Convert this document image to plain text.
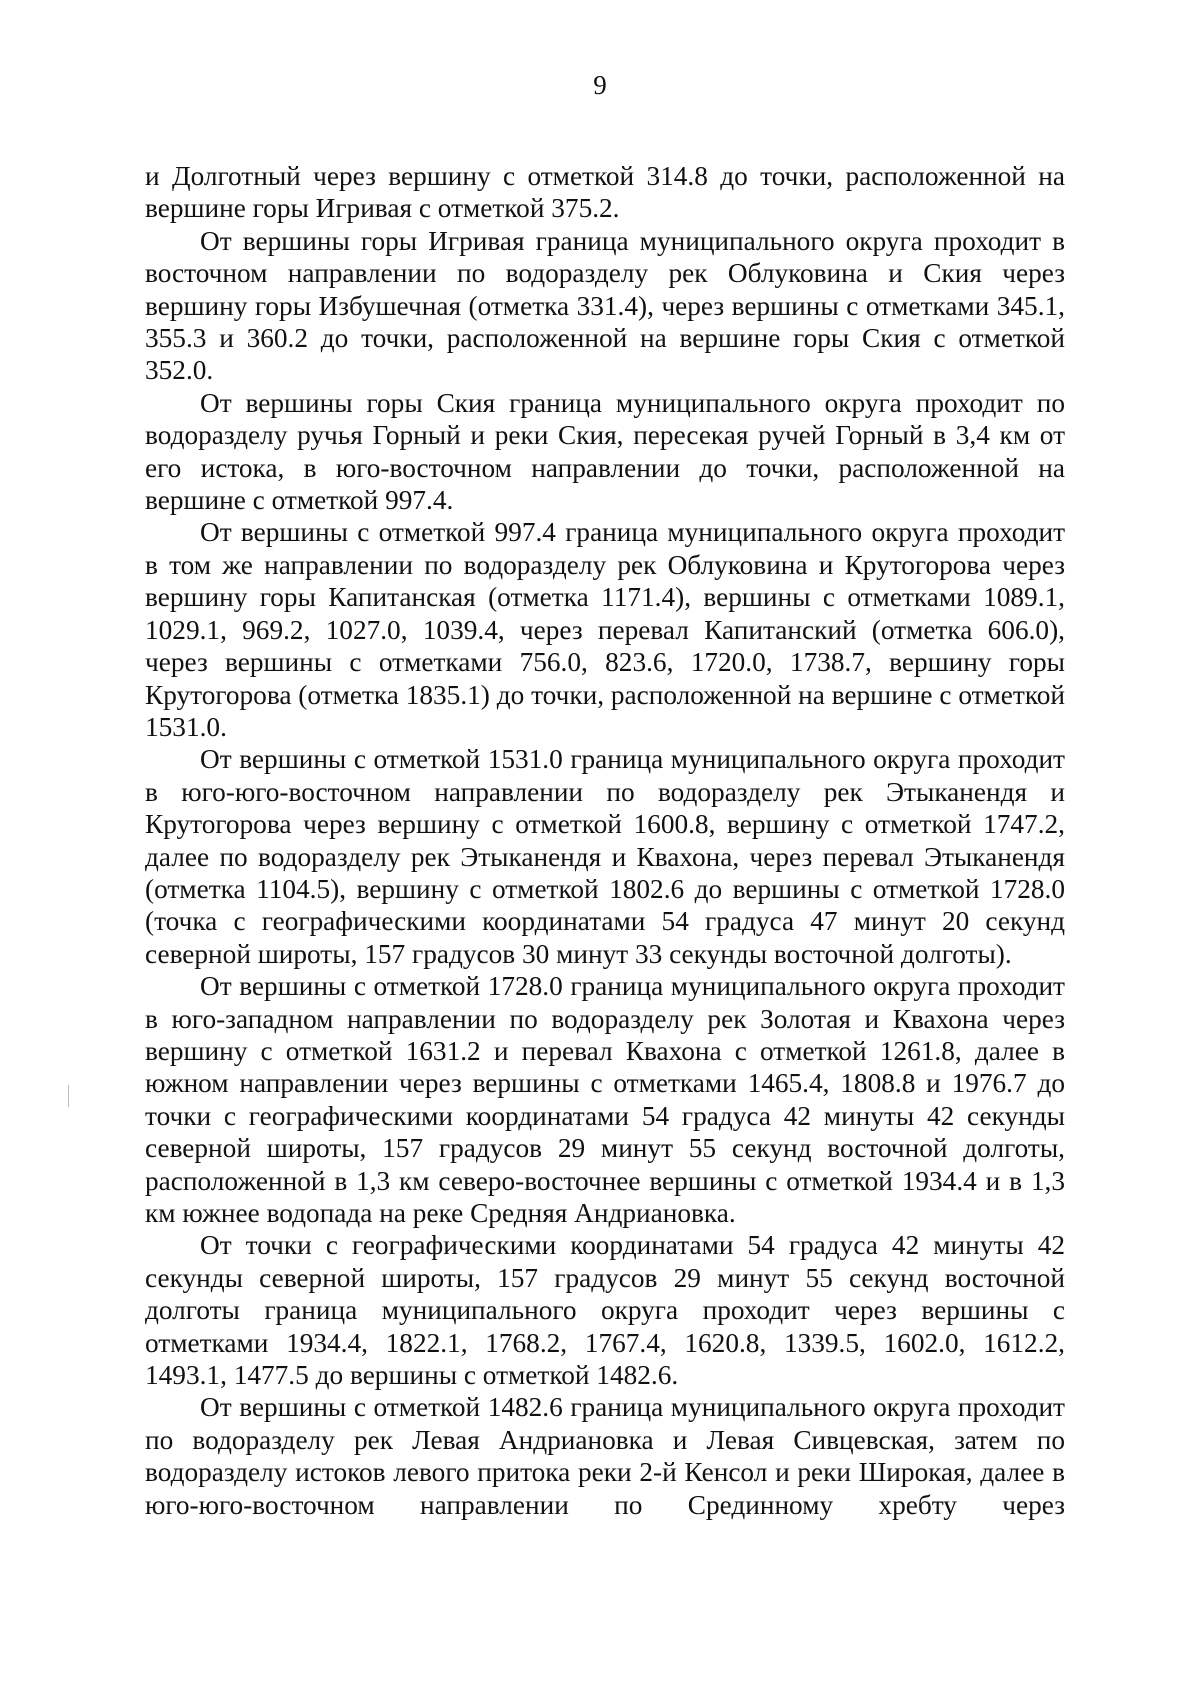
9

и Долготный через вершину с отметкой 314.8 до точки, расположенной на вершине горы Игривая с отметкой 375.2.

От вершины горы Игривая граница муниципального округа проходит в восточном направлении по водоразделу рек Облуковина и Ския через вершину горы Избушечная (отметка 331.4), через вершины с отметками 345.1, 355.3 и 360.2 до точки, расположенной на вершине горы Ския с отметкой 352.0.

От вершины горы Ския граница муниципального округа проходит по водоразделу ручья Горный и реки Ския, пересекая ручей Горный в 3,4 км от его истока, в юго-восточном направлении до точки, расположенной на вершине с отметкой 997.4.

От вершины с отметкой 997.4 граница муниципального округа проходит в том же направлении по водоразделу рек Облуковина и Крутогорова через вершину горы Капитанская (отметка 1171.4), вершины с отметками 1089.1, 1029.1, 969.2, 1027.0, 1039.4, через перевал Капитанский (отметка 606.0), через вершины с отметками 756.0, 823.6, 1720.0, 1738.7, вершину горы Крутогорова (отметка 1835.1) до точки, расположенной на вершине с отметкой 1531.0.

От вершины с отметкой 1531.0 граница муниципального округа проходит в юго-юго-восточном направлении по водоразделу рек Этыканендя и Крутогорова через вершину с отметкой 1600.8, вершину с отметкой 1747.2, далее по водоразделу рек Этыканендя и Квахона, через перевал Этыканендя (отметка 1104.5), вершину с отметкой 1802.6 до вершины с отметкой 1728.0 (точка с географическими координатами 54 градуса 47 минут 20 секунд северной широты, 157 градусов 30 минут 33 секунды восточной долготы).

От вершины с отметкой 1728.0 граница муниципального округа проходит в юго-западном направлении по водоразделу рек Золотая и Квахона через вершину с отметкой 1631.2 и перевал Квахона с отметкой 1261.8, далее в южном направлении через вершины с отметками 1465.4, 1808.8 и 1976.7 до точки с географическими координатами 54 градуса 42 минуты 42 секунды северной широты, 157 градусов 29 минут 55 секунд восточной долготы, расположенной в 1,3 км северо-восточнее вершины с отметкой 1934.4 и в 1,3 км южнее водопада на реке Средняя Андриановка.

От точки с географическими координатами 54 градуса 42 минуты 42 секунды северной широты, 157 градусов 29 минут 55 секунд восточной долготы граница муниципального округа проходит через вершины с отметками 1934.4, 1822.1, 1768.2, 1767.4, 1620.8, 1339.5, 1602.0, 1612.2, 1493.1, 1477.5 до вершины с отметкой 1482.6.

От вершины с отметкой 1482.6 граница муниципального округа проходит по водоразделу рек Левая Андриановка и Левая Сивцевская, затем по водоразделу истоков левого притока реки 2-й Кенсол и реки Широкая, далее в юго-юго-восточном направлении по Срединному хребту через
